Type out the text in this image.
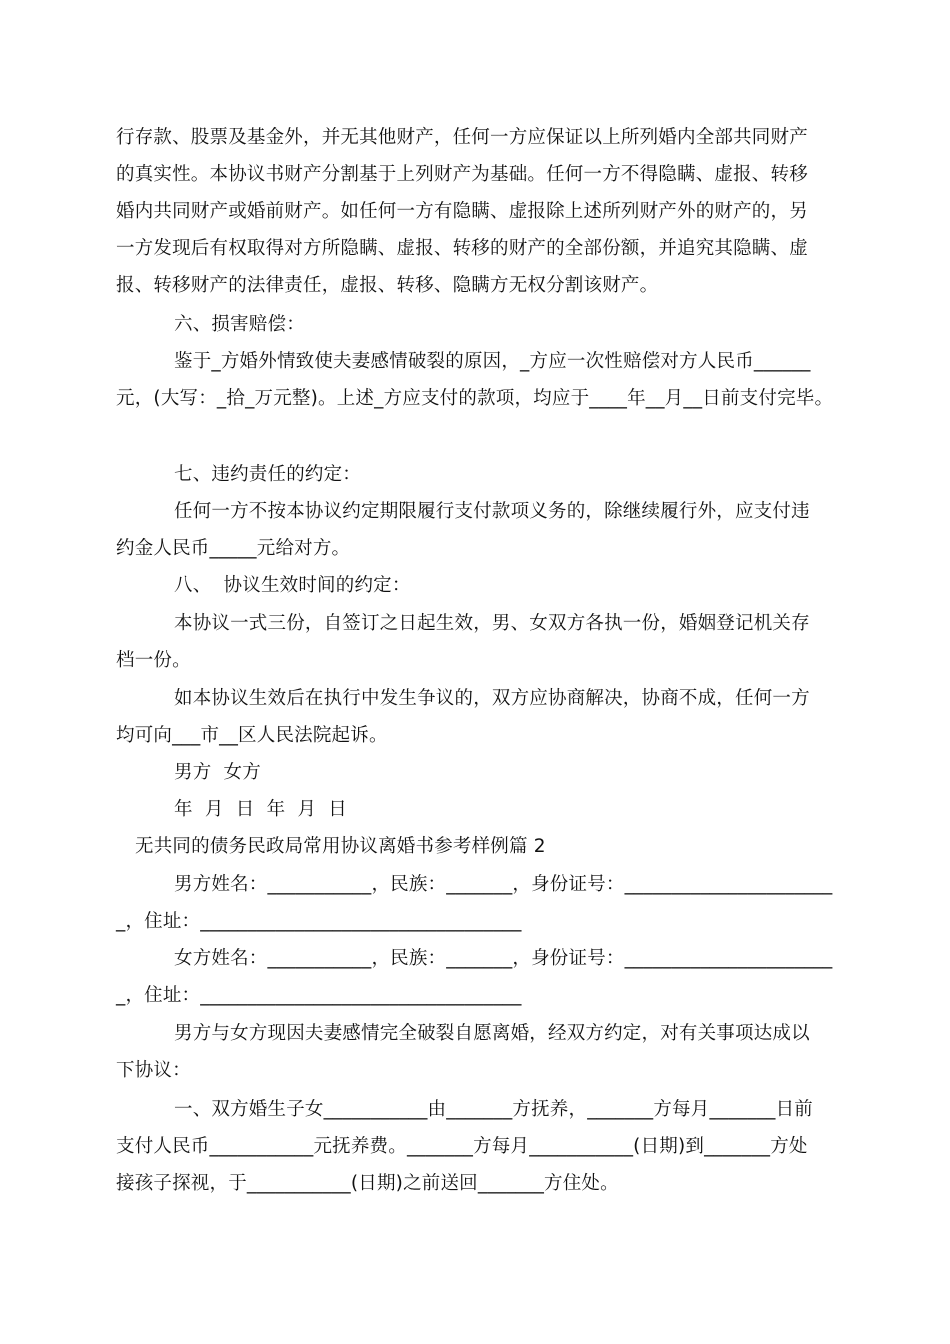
行存款、股票及基金外，并无其他财产，任何一方应保证以上所列婚内全部共同财产
的真实性。本协议书财产分割基于上列财产为基础。任何一方不得隐瞒、虚报、转移
婚内共同财产或婚前财产。如任何一方有隐瞒、虚报除上述所列财产外的财产的，另
一方发现后有权取得对方所隐瞒、虚报、转移的财产的全部份额，并追究其隐瞒、虚
报、转移财产的法律责任，虚报、转移、隐瞒方无权分割该财产。
六、损害赔偿：
鉴于_方婚外情致使夫妻感情破裂的原因，_方应一次性赔偿对方人民币______
元，(大写：_拾_万元整)。上述_方应支付的款项，均应于____年__月__日前支付完毕。
七、违约责任的约定：
任何一方不按本协议约定期限履行支付款项义务的，除继续履行外，应支付违
约金人民币_____元给对方。
八、  协议生效时间的约定：
本协议一式三份，自签订之日起生效，男、女双方各执一份，婚姻登记机关存
档一份。
如本协议生效后在执行中发生争议的，双方应协商解决，协商不成，任何一方
均可向___市__区人民法院起诉。
男方  女方
年  月  日  年  月  日
无共同的债务民政局常用协议离婚书参考样例篇 2
男方姓名：___________，民族：_______，身份证号：______________________
_，住址：__________________________________
女方姓名：___________，民族：_______，身份证号：______________________
_，住址：__________________________________
男方与女方现因夫妻感情完全破裂自愿离婚，经双方约定，对有关事项达成以
下协议：
一、双方婚生子女___________由_______方抚养，_______方每月_______日前
支付人民币___________元抚养费。_______方每月___________(日期)到_______方处
接孩子探视，于___________(日期)之前送回_______方住处。
